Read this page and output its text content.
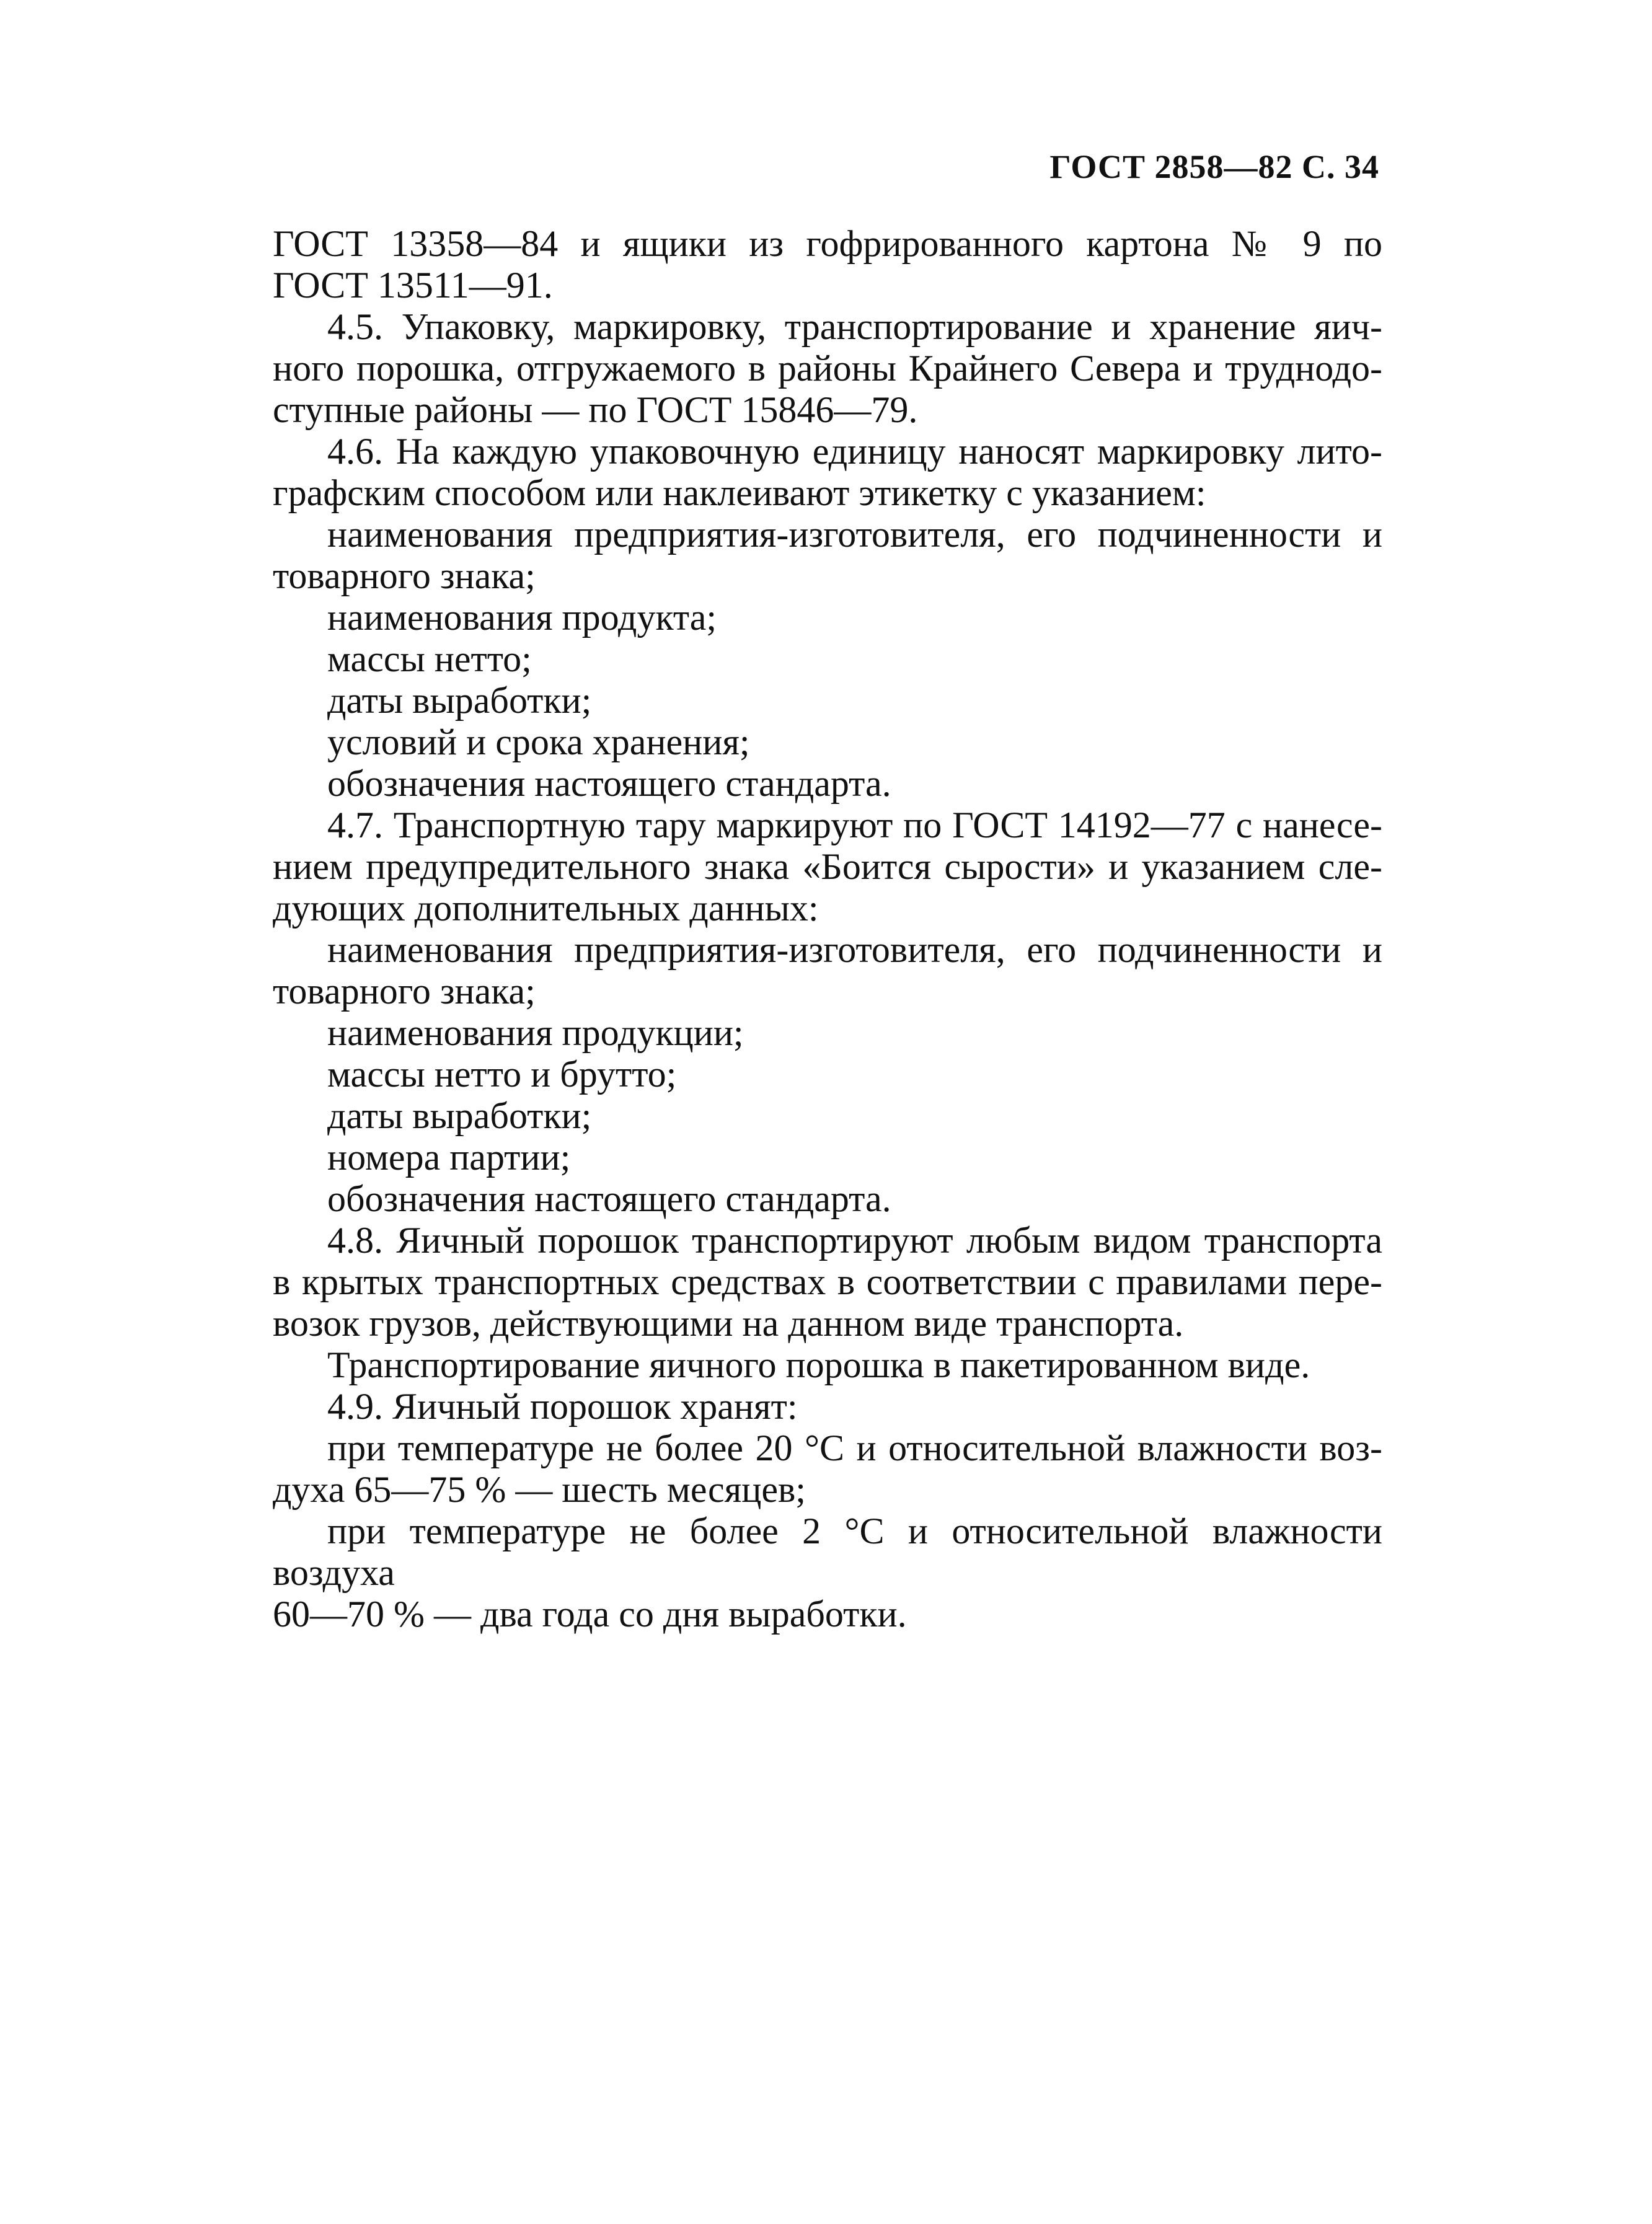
ГОСТ 2858—82 С. 34
ГОСТ 13358—84 и ящики из гофрированного картона № 9 по
ГОСТ 13511—91.
4.5. Упаковку, маркировку, транспортирование и хранение яич-
ного порошка, отгружаемого в районы Крайнего Севера и труднодо-
ступные районы — по ГОСТ 15846—79.
4.6. На каждую упаковочную единицу наносят маркировку лито-
графским способом или наклеивают этикетку с указанием:
наименования предприятия-изготовителя, его подчиненности и
товарного знака;
наименования продукта;
массы нетто;
даты выработки;
условий и срока хранения;
обозначения настоящего стандарта.
4.7. Транспортную тару маркируют по ГОСТ 14192—77 с нанесе-
нием предупредительного знака «Боится сырости» и указанием сле-
дующих дополнительных данных:
наименования предприятия-изготовителя, его подчиненности и
товарного знака;
наименования продукции;
массы нетто и брутто;
даты выработки;
номера партии;
обозначения настоящего стандарта.
4.8. Яичный порошок транспортируют любым видом транспорта
в крытых транспортных средствах в соответствии с правилами пере-
возок грузов, действующими на данном виде транспорта.
Транспортирование яичного порошка в пакетированном виде.
4.9. Яичный порошок хранят:
при температуре не более 20 °С и относительной влажности воз-
духа 65—75 % — шесть месяцев;
при температуре не более 2 °С и относительной влажности воздуха
60—70 % — два года со дня выработки.
